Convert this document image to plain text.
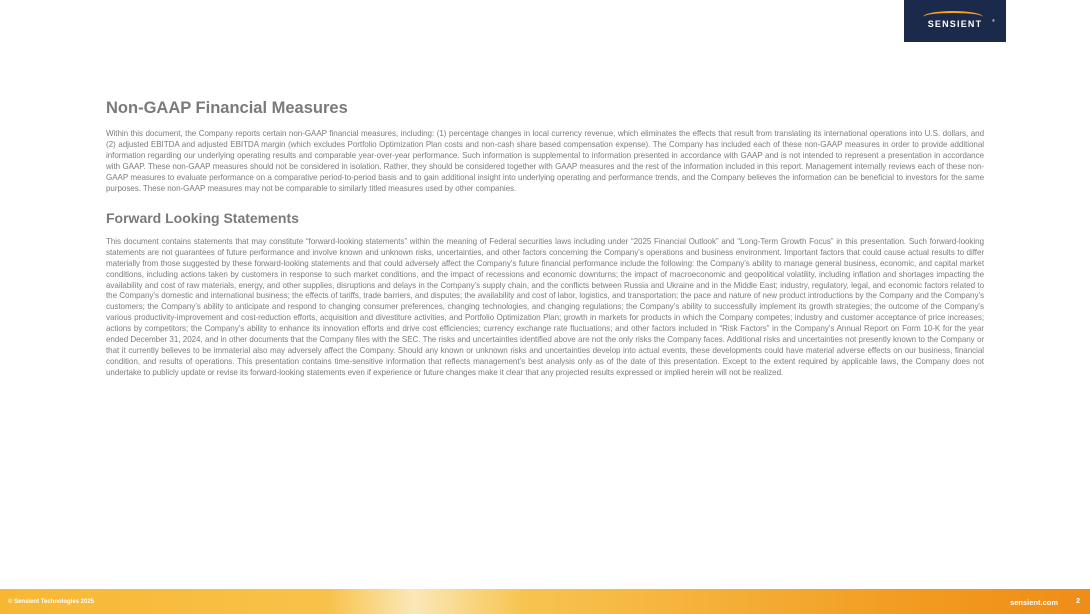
SENSIENT	®
Non-GAAP Financial Measures

Within this document, the Company reports certain non-GAAP financial measures, including: (1) percentage changes in local currency revenue, which eliminates the effects that result from translating its international operations into U.S. dollars, and (2) adjusted EBITDA and adjusted EBITDA margin (which excludes Portfolio Optimization Plan costs and non-cash share based compensation expense). The Company has included each of these non-GAAP measures in order to provide additional information regarding our underlying operating results and comparable year-over-year performance. Such information is supplemental to information presented in accordance with GAAP and is not intended to represent a presentation in accordance with GAAP. These non-GAAP measures should not be considered in isolation. Rather, they should be considered together with GAAP measures and the rest of the information included in this report. Management internally reviews each of these non-GAAP measures to evaluate performance on a comparative period-to-period basis and to gain additional insight into underlying operating and performance trends, and the Company believes the information can be beneficial to investors for the same purposes. These non-GAAP measures may not be comparable to similarly titled measures used by other companies.

Forward Looking Statements

This document contains statements that may constitute “forward-looking statements” within the meaning of Federal securities laws including under “2025 Financial Outlook” and “Long-Term Growth Focus” in this presentation. Such forward-looking statements are not guarantees of future performance and involve known and unknown risks, uncertainties, and other factors concerning the Company’s operations and business environment. Important factors that could cause actual results to differ materially from those suggested by these forward-looking statements and that could adversely affect the Company’s future financial performance include the following: the Company’s ability to manage general business, economic, and capital market conditions, including actions taken by customers in response to such market conditions, and the impact of recessions and economic downturns; the impact of macroeconomic and geopolitical volatility, including inflation and shortages impacting the availability and cost of raw materials, energy, and other supplies, disruptions and delays in the Company’s supply chain, and the conflicts between Russia and Ukraine and in the Middle East; industry, regulatory, legal, and economic factors related to the Company’s domestic and international business; the effects of tariffs, trade barriers, and disputes; the availability and cost of labor, logistics, and transportation; the pace and nature of new product introductions by the Company and the Company’s customers; the Company’s ability to anticipate and respond to changing consumer preferences, changing technologies, and changing regulations; the Company’s ability to successfully implement its growth strategies; the outcome of the Company’s various productivity-improvement and cost-reduction efforts, acquisition and divestiture activities, and Portfolio Optimization Plan; growth in markets for products in which the Company competes; industry and customer acceptance of price increases; actions by competitors; the Company’s ability to enhance its innovation efforts and drive cost efficiencies; currency exchange rate fluctuations; and other factors included in “Risk Factors” in the Company’s Annual Report on Form 10-K for the year ended December 31, 2024, and in other documents that the Company files with the SEC. The risks and uncertainties identified above are not the only risks the Company faces. Additional risks and uncertainties not presently known to the Company or that it currently believes to be immaterial also may adversely affect the Company. Should any known or unknown risks and uncertainties develop into actual events, these developments could have material adverse effects on our business, financial condition, and results of operations. This presentation contains time-sensitive information that reflects management’s best analysis only as of the date of this presentation. Except to the extent required by applicable laws, the Company does not undertake to publicly update or revise its forward-looking statements even if experience or future changes make it clear that any projected results expressed or implied herein will not be realized.

© Sensient Technologies 2025	sensient.com	2
